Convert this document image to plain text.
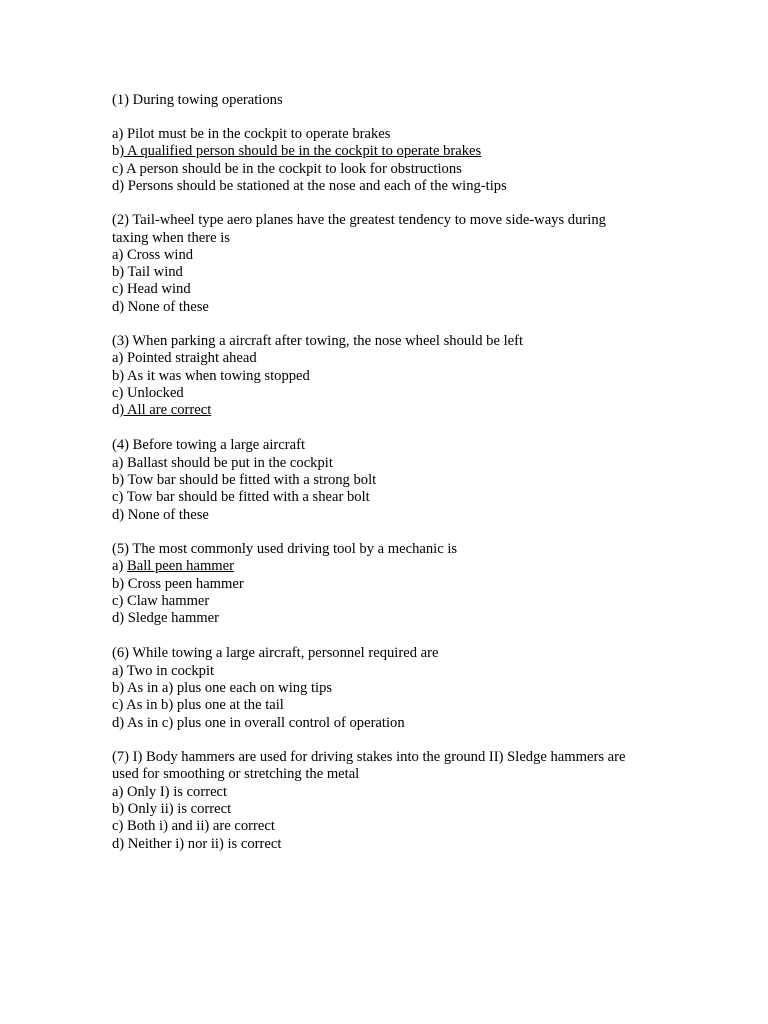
(1) During towing operations
a) Pilot must be in the cockpit to operate brakes
b) A qualified person should be in the cockpit to operate brakes
c) A person should be in the cockpit to look for obstructions
d) Persons should be stationed at the nose and each of the wing-tips
(2) Tail-wheel type aero planes have the greatest tendency to move side-ways during
taxing when there is
a) Cross wind
b) Tail wind
c) Head wind
d) None of these
(3) When parking a aircraft after towing, the nose wheel should be left
a) Pointed straight ahead
b) As it was when towing stopped
c) Unlocked
d) All are correct
(4) Before towing a large aircraft
a) Ballast should be put in the cockpit
b) Tow bar should be fitted with a strong bolt
c) Tow bar should be fitted with a shear bolt
d) None of these
(5) The most commonly used driving tool by a mechanic is
a) Ball peen hammer
b) Cross peen hammer
c) Claw hammer
d) Sledge hammer
(6) While towing a large aircraft, personnel required are
a) Two in cockpit
b) As in a) plus one each on wing tips
c) As in b) plus one at the tail
d) As in c) plus one in overall control of operation
(7) I) Body hammers are used for driving stakes into the ground II) Sledge hammers are
used for smoothing or stretching the metal
a) Only I) is correct
b) Only ii) is correct
c) Both i) and ii) are correct
d) Neither i) nor ii) is correct
